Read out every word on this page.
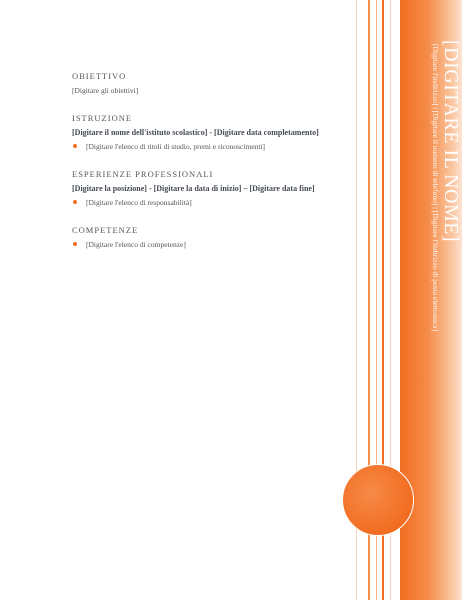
[DIGITARE IL NOME]
[Digitare l'indirizzo] | [Digitare il numero di telefono] | [Digitare l'indirizzo di posta elettronica]
OBIETTIVO
[Digitare gli obiettivi]
ISTRUZIONE
[Digitare il nome dell'istituto scolastico] - [Digitare data completamento]
[Digitare l'elenco di titoli di studio, premi e riconoscimenti]
ESPERIENZE PROFESSIONALI
[Digitare la posizione] - [Digitare la data di inizio] – [Digitare data fine]
[Digitare l'elenco di responsabilità]
COMPETENZE
[Digitare l'elenco di competenze]
